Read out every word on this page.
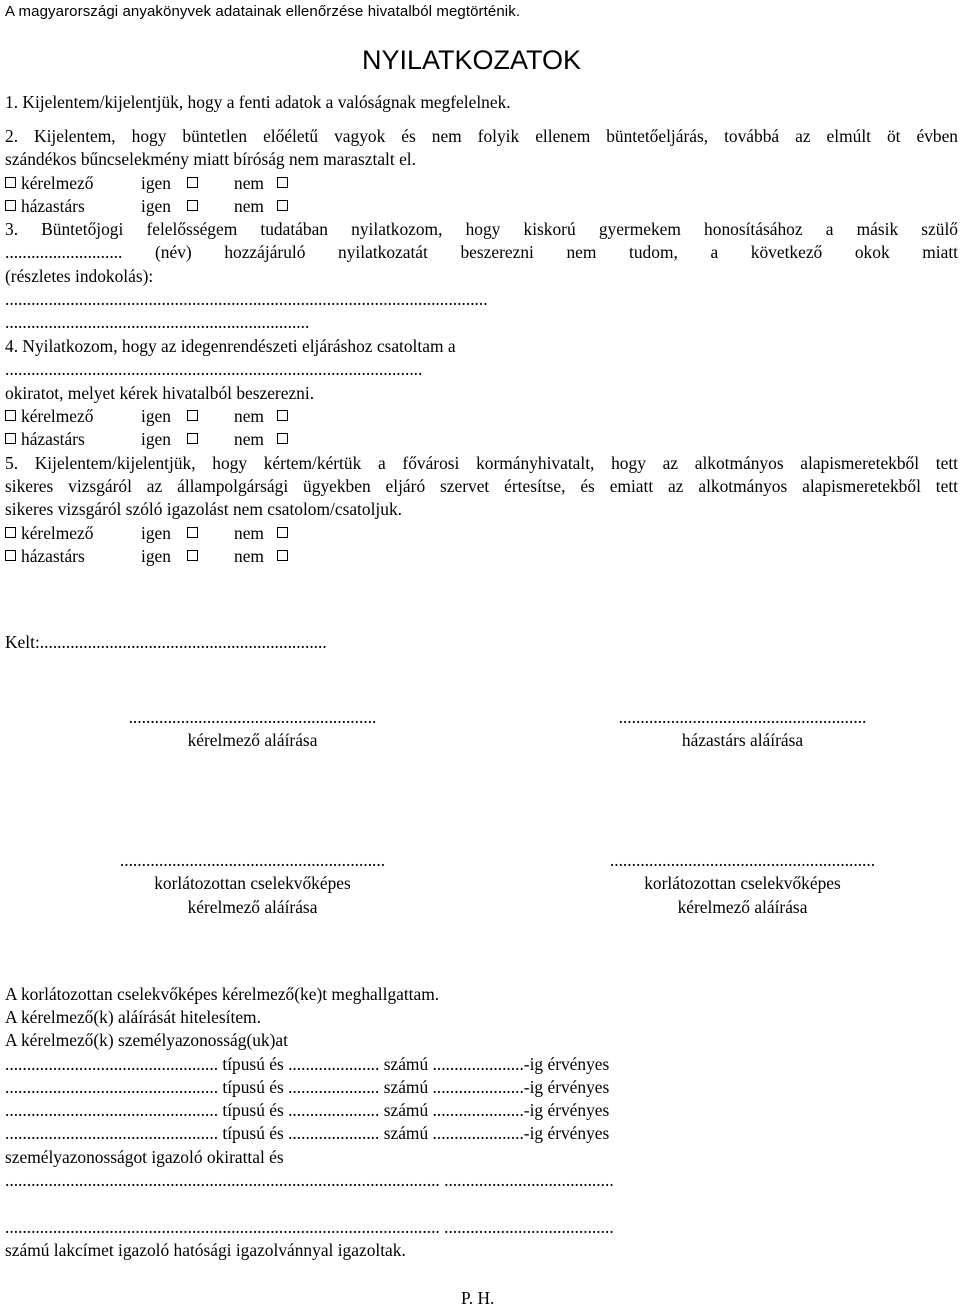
A magyarországi anyakönyvek adatainak ellenőrzése hivatalból megtörténik.
NYILATKOZATOK
1. Kijelentem/kijelentjük, hogy a fenti adatok a valóságnak megfelelnek.
2. Kijelentem, hogy büntetlen előéletű vagyok és nem folyik ellenem büntetőeljárás, továbbá az elmúlt öt évben
szándékos bűncselekmény miatt bíróság nem marasztalt el.
kérelmező	igen	nem
házastárs	igen	nem
3. Büntetőjogi felelősségem tudatában nyilatkozom, hogy kiskorú gyermekem honosításához a másik szülő
........................... (név) hozzájáruló nyilatkozatát beszerezni nem tudom, a következő okok miatt
(részletes indokolás):
...............................................................................................................
......................................................................
4. Nyilatkozom, hogy az idegenrendészeti eljáráshoz csatoltam a
................................................................................................
okiratot, melyet kérek hivatalból beszerezni.
kérelmező	igen	nem
házastárs	igen	nem
5. Kijelentem/kijelentjük, hogy kértem/kértük a fővárosi kormányhivatalt, hogy az alkotmányos alapismeretekből tett
sikeres vizsgáról az állampolgársági ügyekben eljáró szervet értesítse, és emiatt az alkotmányos alapismeretekből tett
sikeres vizsgáról szóló igazolást nem csatolom/csatoljuk.
kérelmező	igen	nem
házastárs	igen	nem
Kelt:..................................................................
.........................................................
kérelmező aláírása
.........................................................
házastárs aláírása
.............................................................
korlátozottan cselekvőképes
kérelmező aláírása
.............................................................
korlátozottan cselekvőképes
kérelmező aláírása
A korlátozottan cselekvőképes kérelmező(ke)t meghallgattam.
A kérelmező(k) aláírását hitelesítem.
A kérelmező(k) személyazonosság(uk)at
................................................. típusú és ..................... számú .....................-ig érvényes
................................................. típusú és ..................... számú .....................-ig érvényes
................................................. típusú és ..................... számú .....................-ig érvényes
................................................. típusú és ..................... számú .....................-ig érvényes
személyazonosságot igazoló okirattal és
.................................................................................................... .......................................
.................................................................................................... .......................................
számú lakcímet igazoló hatósági igazolvánnyal igazoltak.
P. H.
